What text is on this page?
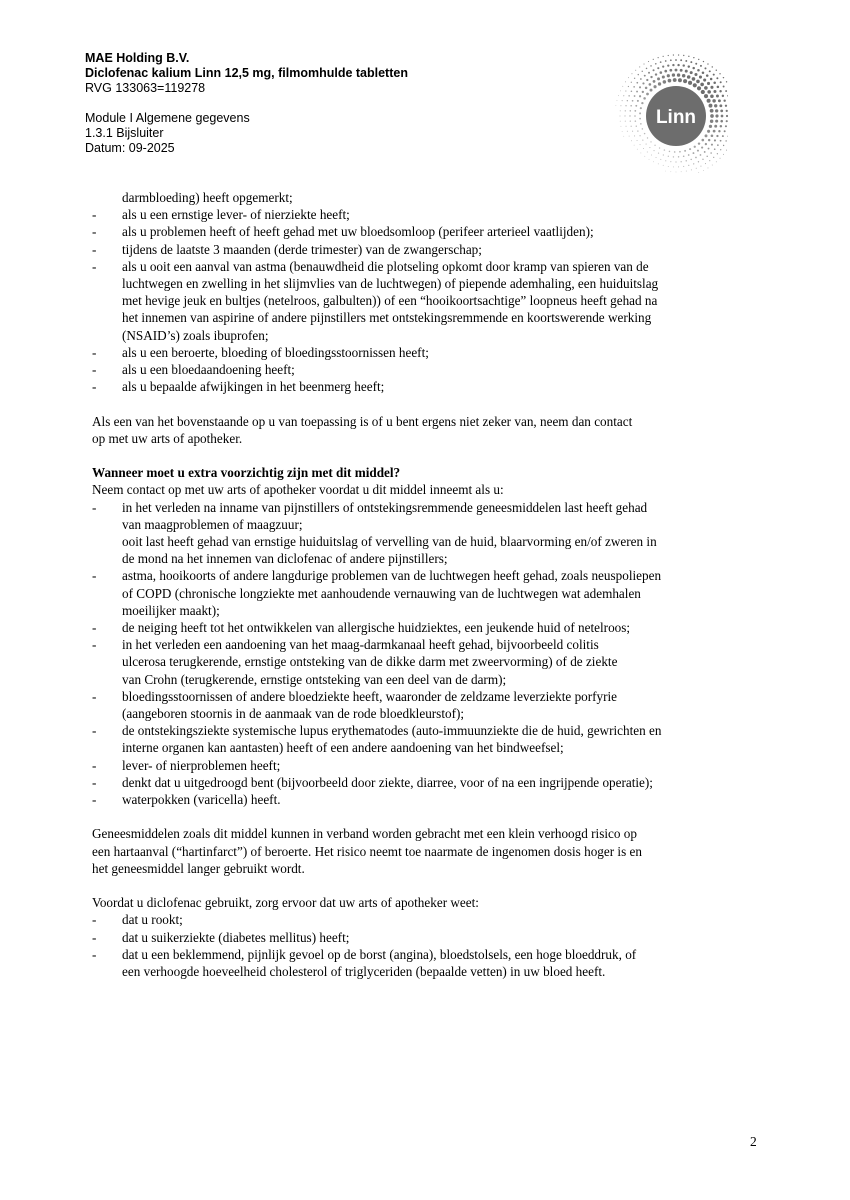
MAE Holding B.V.
Diclofenac kalium Linn 12,5 mg, filmomhulde tabletten
RVG 133063=119278
Module I Algemene gegevens
1.3.1 Bijsluiter
Datum: 09-2025
Linn
darmbloeding) heeft opgemerkt;
- als u een ernstige lever- of nierziekte heeft;
- als u problemen heeft of heeft gehad met uw bloedsomloop (perifeer arterieel vaatlijden);
- tijdens de laatste 3 maanden (derde trimester) van de zwangerschap;
- als u ooit een aanval van astma (benauwdheid die plotseling opkomt door kramp van spieren van de
luchtwegen en zwelling in het slijmvlies van de luchtwegen) of piepende ademhaling, een huiduitslag
met hevige jeuk en bultjes (netelroos, galbulten)) of een “hooikoortsachtige” loopneus heeft gehad na
het innemen van aspirine of andere pijnstillers met ontstekingsremmende en koortswerende werking
(NSAID’s) zoals ibuprofen;
- als u een beroerte, bloeding of bloedingsstoornissen heeft;
- als u een bloedaandoening heeft;
- als u bepaalde afwijkingen in het beenmerg heeft;
Als een van het bovenstaande op u van toepassing is of u bent ergens niet zeker van, neem dan contact
op met uw arts of apotheker.
Wanneer moet u extra voorzichtig zijn met dit middel?
Neem contact op met uw arts of apotheker voordat u dit middel inneemt als u:
- in het verleden na inname van pijnstillers of ontstekingsremmende geneesmiddelen last heeft gehad
van maagproblemen of maagzuur;
ooit last heeft gehad van ernstige huiduitslag of vervelling van de huid, blaarvorming en/of zweren in
de mond na het innemen van diclofenac of andere pijnstillers;
- astma, hooikoorts of andere langdurige problemen van de luchtwegen heeft gehad, zoals neuspoliepen
of COPD (chronische longziekte met aanhoudende vernauwing van de luchtwegen wat ademhalen
moeilijker maakt);
- de neiging heeft tot het ontwikkelen van allergische huidziektes, een jeukende huid of netelroos;
- in het verleden een aandoening van het maag-darmkanaal heeft gehad, bijvoorbeeld colitis
ulcerosa terugkerende, ernstige ontsteking van de dikke darm met zweervorming) of de ziekte
van Crohn (terugkerende, ernstige ontsteking van een deel van de darm);
- bloedingsstoornissen of andere bloedziekte heeft, waaronder de zeldzame leverziekte porfyrie
(aangeboren stoornis in de aanmaak van de rode bloedkleurstof);
- de ontstekingsziekte systemische lupus erythematodes (auto-immuunziekte die de huid, gewrichten en
interne organen kan aantasten) heeft of een andere aandoening van het bindweefsel;
- lever- of nierproblemen heeft;
- denkt dat u uitgedroogd bent (bijvoorbeeld door ziekte, diarree, voor of na een ingrijpende operatie);
- waterpokken (varicella) heeft.
Geneesmiddelen zoals dit middel kunnen in verband worden gebracht met een klein verhoogd risico op
een hartaanval (“hartinfarct”) of beroerte. Het risico neemt toe naarmate de ingenomen dosis hoger is en
het geneesmiddel langer gebruikt wordt.
Voordat u diclofenac gebruikt, zorg ervoor dat uw arts of apotheker weet:
- dat u rookt;
- dat u suikerziekte (diabetes mellitus) heeft;
- dat u een beklemmend, pijnlijk gevoel op de borst (angina), bloedstolsels, een hoge bloeddruk, of
een verhoogde hoeveelheid cholesterol of triglyceriden (bepaalde vetten) in uw bloed heeft.
2
